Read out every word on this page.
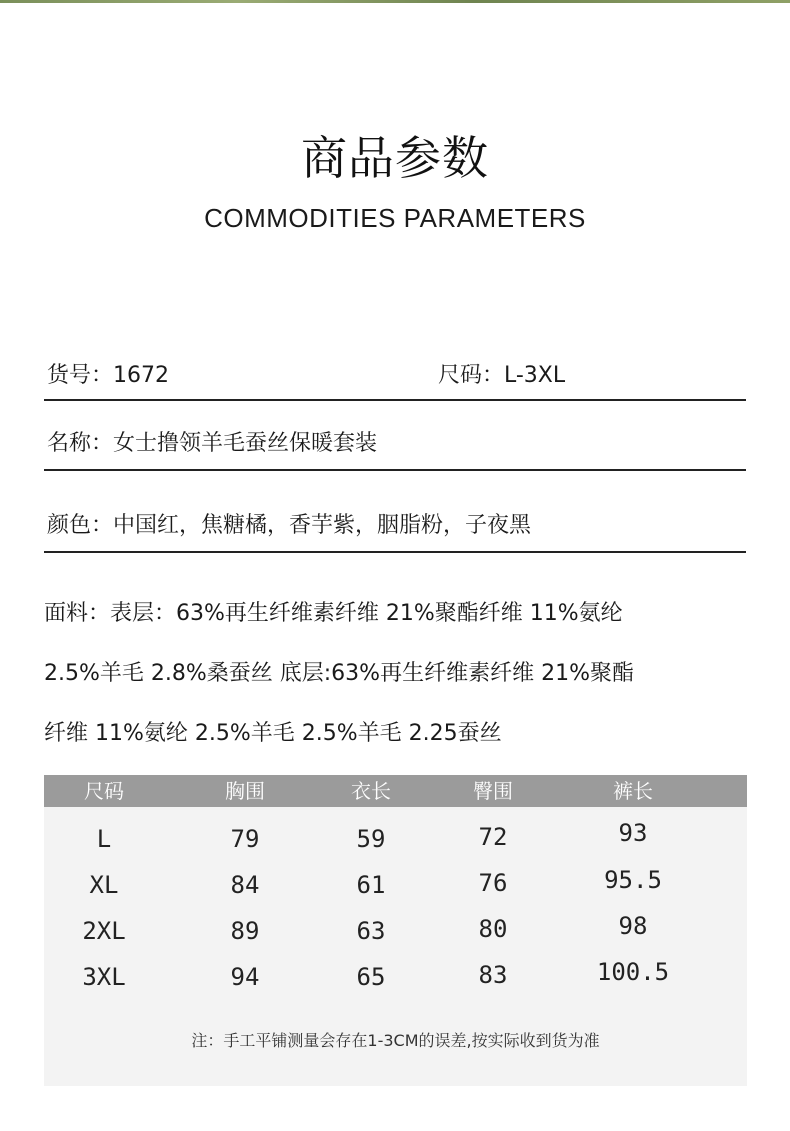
商品参数
COMMODITIES PARAMETERS
货号：1672	尺码：L-3XL
名称：女士撸领羊毛蚕丝保暖套装
颜色：中国红，焦糖橘，香芋紫，胭脂粉，子夜黑
面料：表层：63%再生纤维素纤维 21%聚酯纤维 11%氨纶
2.5%羊毛 2.8%桑蚕丝 底层:63%再生纤维素纤维 21%聚酯
纤维 11%氨纶 2.5%羊毛 2.5%羊毛 2.25蚕丝
尺码	胸围	衣长	臀围	裤长
L	79	59	72	93
XL	84	61	76	95.5
2XL	89	63	80	98
3XL	94	65	83	100.5
注：手工平铺测量会存在1-3CM的误差,按实际收到货为准
